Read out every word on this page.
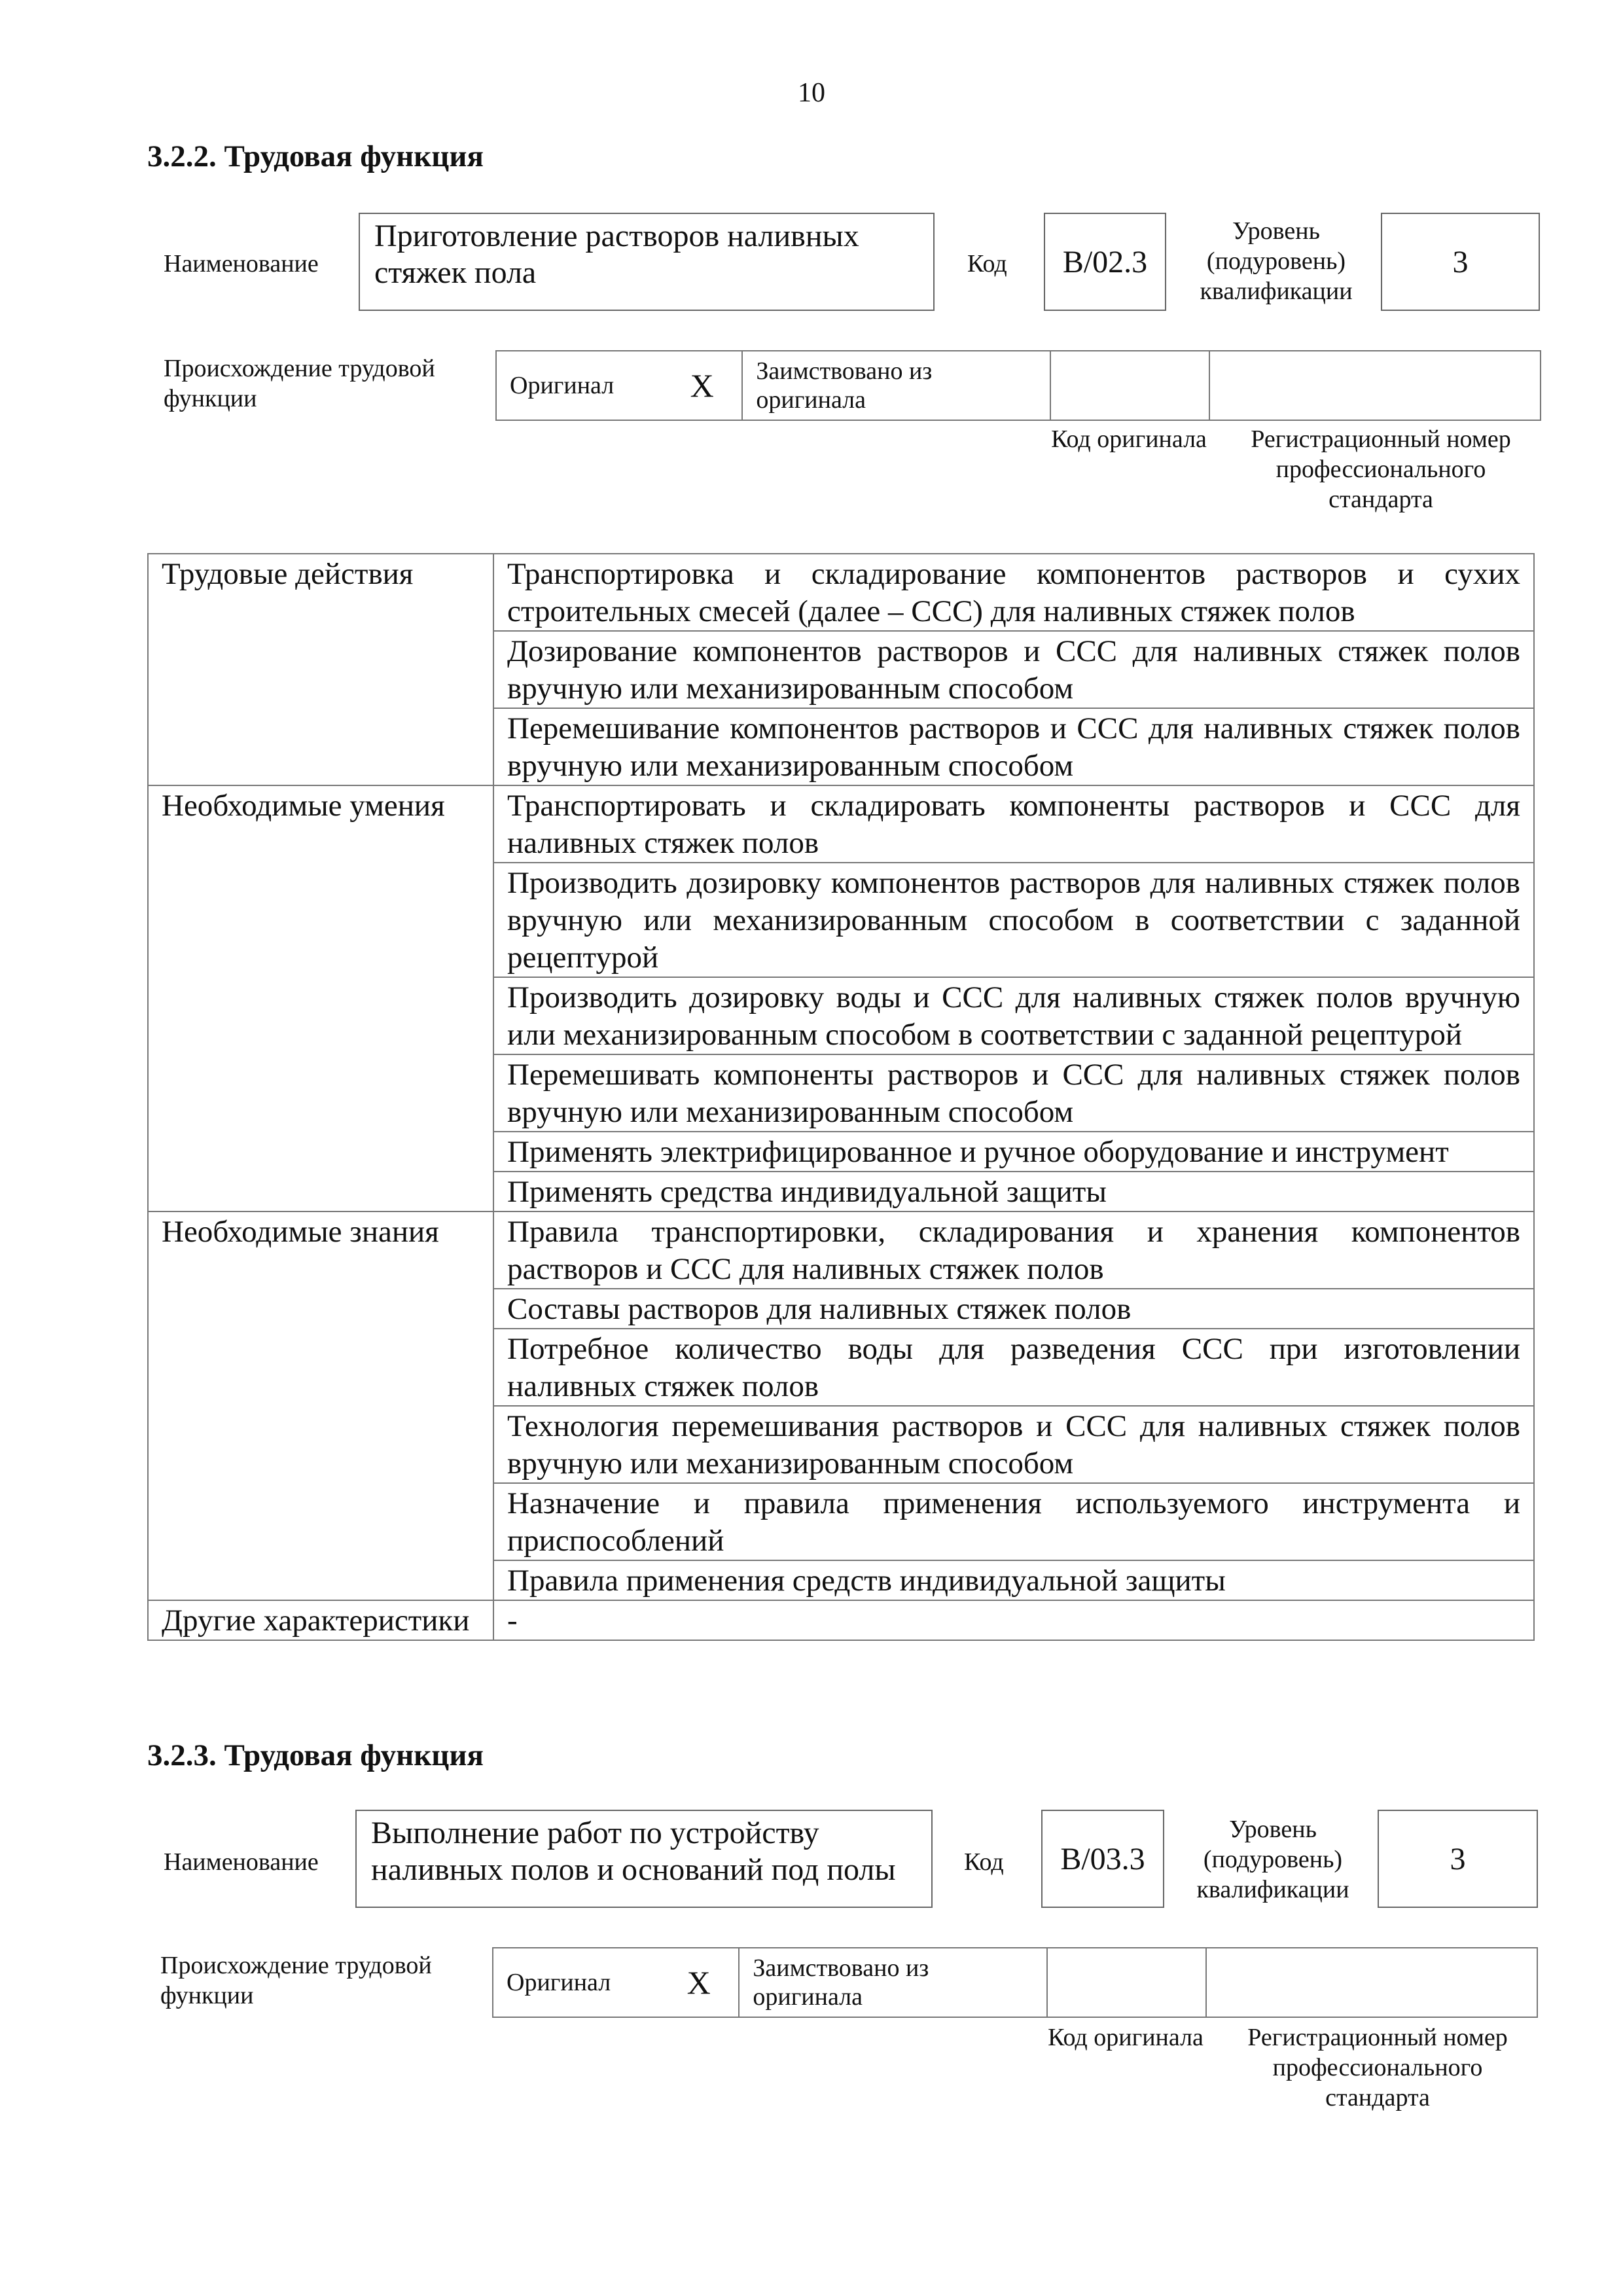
10
3.2.2. Трудовая функция
Наименование
Приготовление растворов наливных стяжек пола	Код	B/02.3
Уровень (подуровень) квалификации
3
Происхождение трудовой функции	Оригинал	X	Заимствовано из оригинала		
Код оригинала	Регистрационный номер профессионального стандарта
Трудовые действия	Транспортировка и складирование компонентов растворов и сухих строительных смесей (далее – ССС) для наливных стяжек полов
	Дозирование компонентов растворов и ССС для наливных стяжек полов вручную или механизированным способом
	Перемешивание компонентов растворов и ССС для наливных стяжек полов вручную или механизированным способом
Необходимые умения	Транспортировать и складировать компоненты растворов и ССС для наливных стяжек полов
	Производить дозировку компонентов растворов для наливных стяжек полов вручную или механизированным способом в соответствии с заданной рецептурой
	Производить дозировку воды и ССС для наливных стяжек полов вручную или механизированным способом в соответствии с заданной рецептурой
	Перемешивать компоненты растворов и ССС для наливных стяжек полов вручную или механизированным способом
	Применять электрифицированное и ручное оборудование и инструмент
	Применять средства индивидуальной защиты
Необходимые знания	Правила транспортировки, складирования и хранения компонентов растворов и ССС для наливных стяжек полов
	Составы растворов для наливных стяжек полов
	Потребное количество воды для разведения ССС при изготовлении наливных стяжек полов
	Технология перемешивания растворов и ССС для наливных стяжек полов вручную или механизированным способом
	Назначение и правила применения используемого инструмента и приспособлений
	Правила применения средств индивидуальной защиты
Другие характеристики	-
3.2.3. Трудовая функция
Наименование
Выполнение работ по устройству наливных полов и оснований под полы	Код	B/03.3
Уровень (подуровень) квалификации
3
Происхождение трудовой функции	Оригинал	X	Заимствовано из оригинала		
Код оригинала	Регистрационный номер профессионального стандарта
